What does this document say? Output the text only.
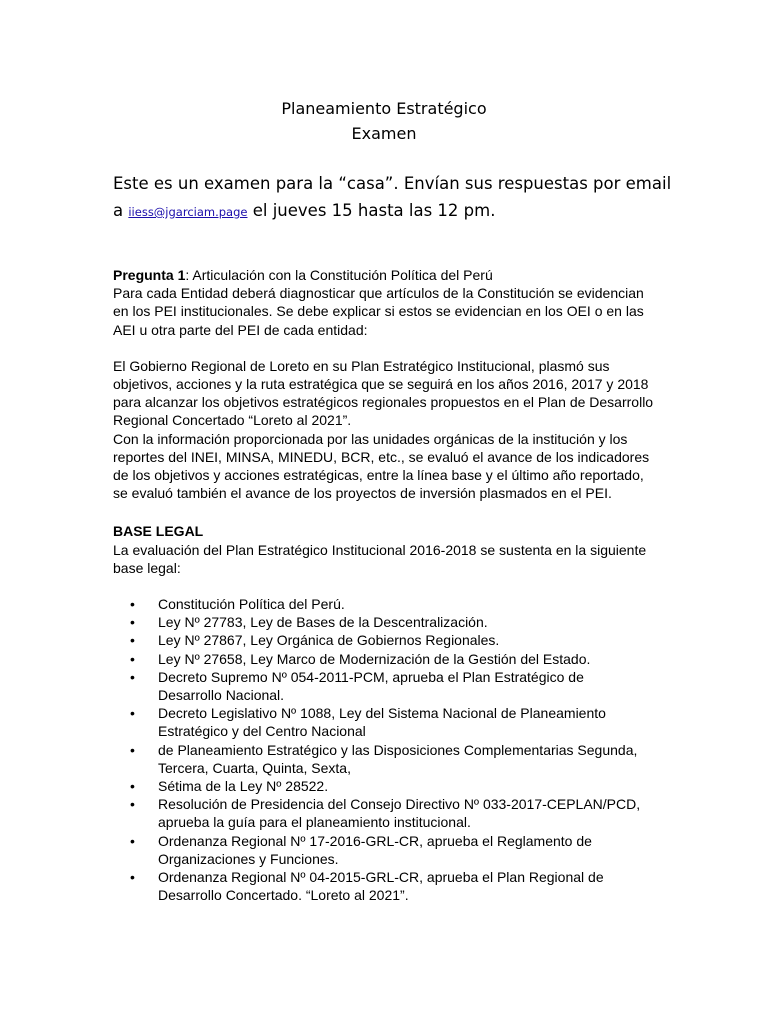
Planeamiento Estratégico
Examen
Este es un examen para la “casa”. Envían sus respuestas por email a iiess@jgarciam.page el jueves 15 hasta las 12 pm.

Pregunta 1: Articulación con la Constitución Política del Perú

Para cada Entidad deberá diagnosticar que artículos de la Constitución se evidencian en los PEI institucionales. Se debe explicar si estos se evidencian en los OEI o en las AEI u otra parte del PEI de cada entidad:

El Gobierno Regional de Loreto en su Plan Estratégico Institucional, plasmó sus objetivos, acciones y la ruta estratégica que se seguirá en los años 2016, 2017 y 2018 para alcanzar los objetivos estratégicos regionales propuestos en el Plan de Desarrollo Regional Concertado “Loreto al 2021”.

Con la información proporcionada por las unidades orgánicas de la institución y los reportes del INEI, MINSA, MINEDU, BCR, etc., se evaluó el avance de los indicadores de los objetivos y acciones estratégicas, entre la línea base y el último año reportado, se evaluó también el avance de los proyectos de inversión plasmados en el PEI.

BASE LEGAL

La evaluación del Plan Estratégico Institucional 2016-2018 se sustenta en la siguiente base legal:

• Constitución Política del Perú.
• Ley Nº 27783, Ley de Bases de la Descentralización.
• Ley Nº 27867, Ley Orgánica de Gobiernos Regionales.
• Ley Nº 27658, Ley Marco de Modernización de la Gestión del Estado.
• Decreto Supremo Nº 054-2011-PCM, aprueba el Plan Estratégico de Desarrollo Nacional.
• Decreto Legislativo Nº 1088, Ley del Sistema Nacional de Planeamiento Estratégico y del Centro Nacional
• de Planeamiento Estratégico y las Disposiciones Complementarias Segunda, Tercera, Cuarta, Quinta, Sexta,
• Sétima de la Ley Nº 28522.
• Resolución de Presidencia del Consejo Directivo Nº 033-2017-CEPLAN/PCD, aprueba la guía para el planeamiento institucional.
• Ordenanza Regional Nº 17-2016-GRL-CR, aprueba el Reglamento de Organizaciones y Funciones.
• Ordenanza Regional Nº 04-2015-GRL-CR, aprueba el Plan Regional de Desarrollo Concertado. “Loreto al 2021”.
